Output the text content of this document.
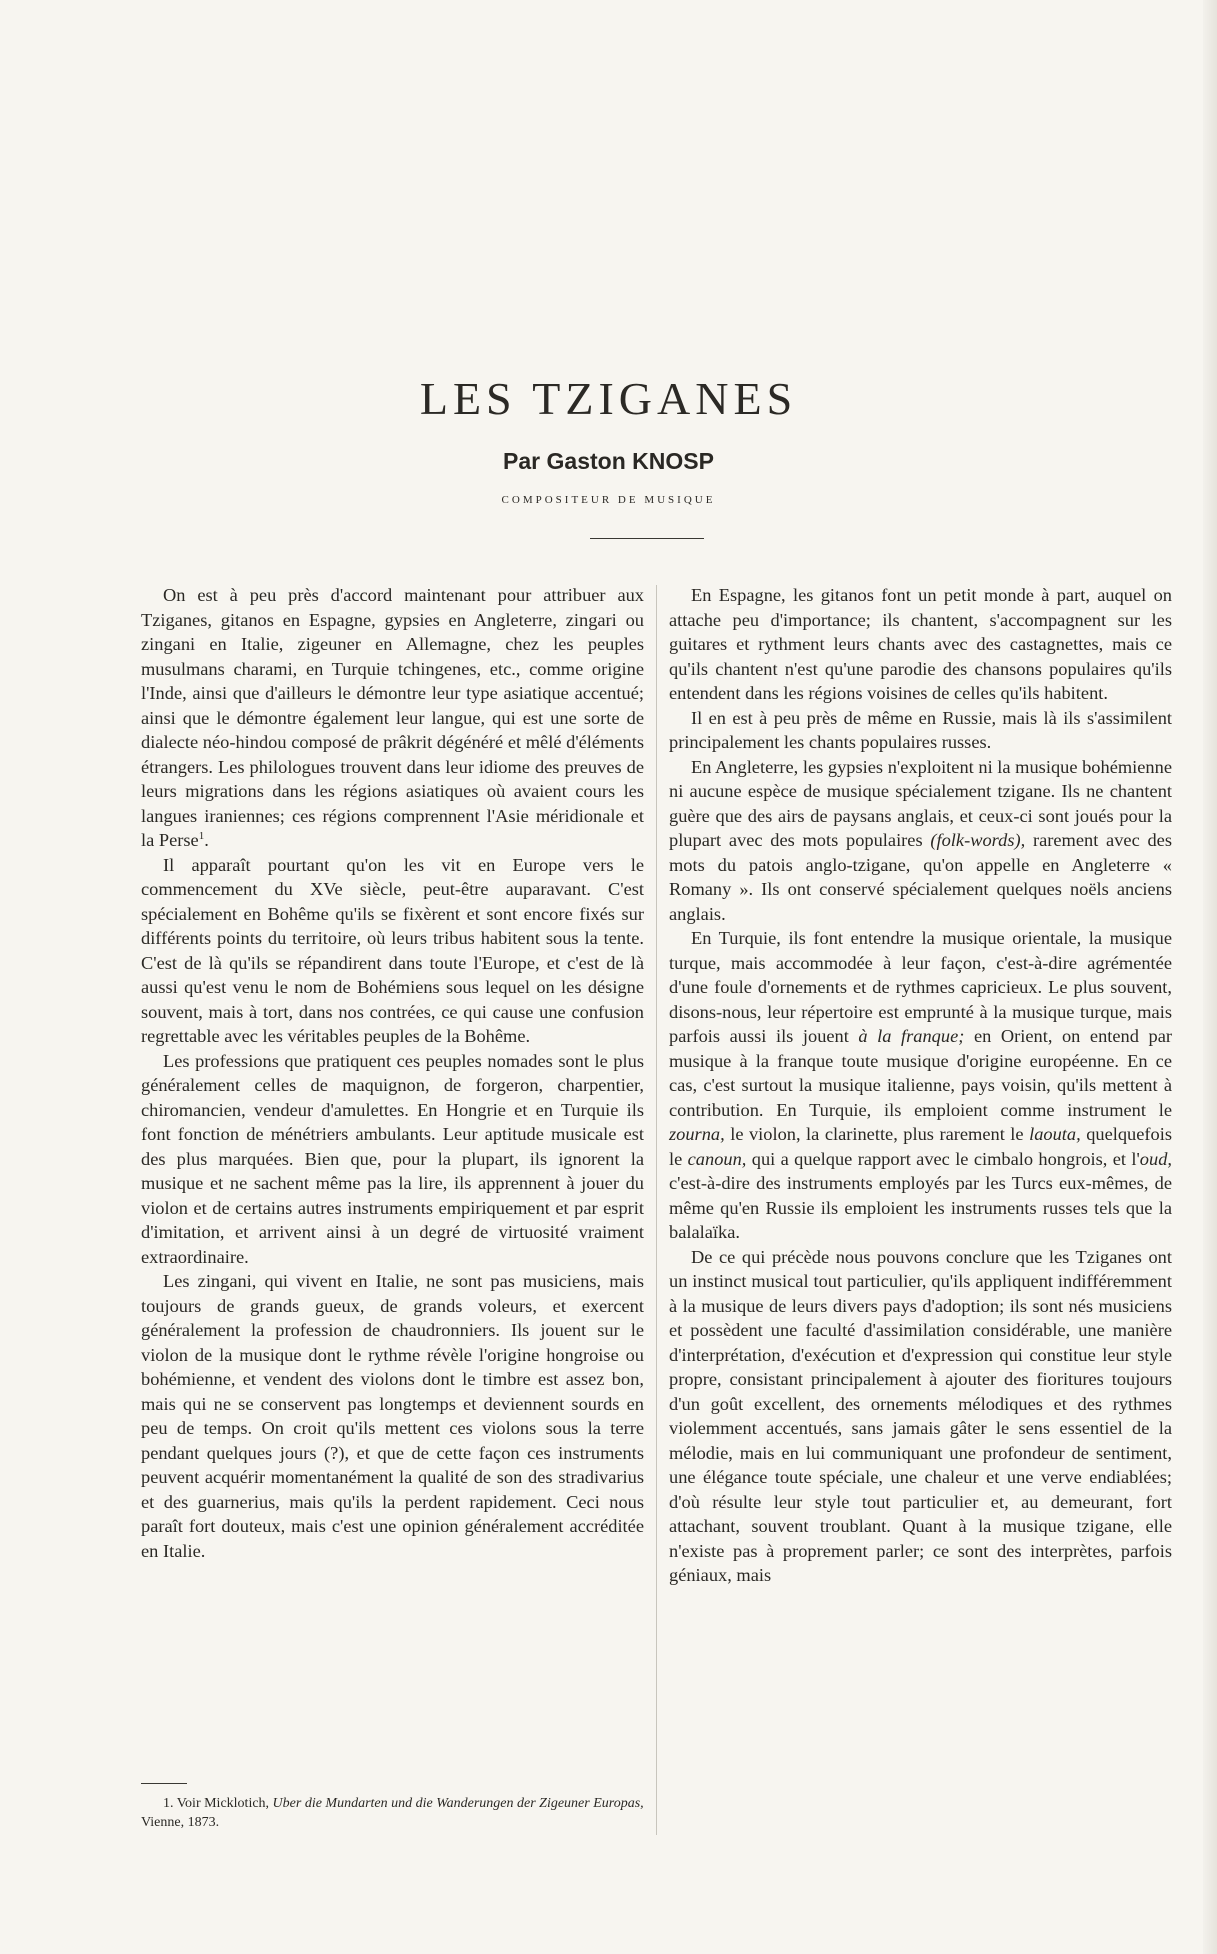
LES TZIGANES

Par Gaston KNOSP

COMPOSITEUR DE MUSIQUE

On est à peu près d'accord maintenant pour attribuer aux Tziganes, gitanos en Espagne, gypsies en Angleterre, zingari ou zingani en Italie, zigeuner en Allemagne, chez les peuples musulmans charami, en Turquie tchingenes, etc., comme origine l'Inde, ainsi que d'ailleurs le démontre leur type asiatique accentué; ainsi que le démontre également leur langue, qui est une sorte de dialecte néo-hindou composé de prâkrit dégénéré et mêlé d'éléments étrangers. Les philologues trouvent dans leur idiome des preuves de leurs migrations dans les régions asiatiques où avaient cours les langues iraniennes; ces régions comprennent l'Asie méridionale et la Perse$^1$.

Il apparaît pourtant qu'on les vit en Europe vers le commencement du XVe siècle, peut-être auparavant. C'est spécialement en Bohême qu'ils se fixèrent et sont encore fixés sur différents points du territoire, où leurs tribus habitent sous la tente. C'est de là qu'ils se répandirent dans toute l'Europe, et c'est de là aussi qu'est venu le nom de Bohémiens sous lequel on les désigne souvent, mais à tort, dans nos contrées, ce qui cause une confusion regrettable avec les véritables peuples de la Bohême.

Les professions que pratiquent ces peuples nomades sont le plus généralement celles de maquignon, de forgeron, charpentier, chiromancien, vendeur d'amulettes. En Hongrie et en Turquie ils font fonction de ménétriers ambulants. Leur aptitude musicale est des plus marquées. Bien que, pour la plupart, ils ignorent la musique et ne sachent même pas la lire, ils apprennent à jouer du violon et de certains autres instruments empiriquement et par esprit d'imitation, et arrivent ainsi à un degré de virtuosité vraiment extraordinaire.

Les zingani, qui vivent en Italie, ne sont pas musiciens, mais toujours de grands gueux, de grands voleurs, et exercent généralement la profession de chaudronniers. Ils jouent sur le violon de la musique dont le rythme révèle l'origine hongroise ou bohémienne, et vendent des violons dont le timbre est assez bon, mais qui ne se conservent pas longtemps et deviennent sourds en peu de temps. On croit qu'ils mettent ces violons sous la terre pendant quelques jours (?), et que de cette façon ces instruments peuvent acquérir momentanément la qualité de son des stradivarius et des guarnerius, mais qu'ils la perdent rapidement. Ceci nous paraît fort douteux, mais c'est une opinion généralement accréditée en Italie.

En Espagne, les gitanos font un petit monde à part, auquel on attache peu d'importance; ils chantent, s'accompagnent sur les guitares et rythment leurs chants avec des castagnettes, mais ce qu'ils chantent n'est qu'une parodie des chansons populaires qu'ils entendent dans les régions voisines de celles qu'ils habitent.

Il en est à peu près de même en Russie, mais là ils s'assimilent principalement les chants populaires russes.

En Angleterre, les gypsies n'exploitent ni la musique bohémienne ni aucune espèce de musique spécialement tzigane. Ils ne chantent guère que des airs de paysans anglais, et ceux-ci sont joués pour la plupart avec des mots populaires (folk-words), rarement avec des mots du patois anglo-tzigane, qu'on appelle en Angleterre « Romany ». Ils ont conservé spécialement quelques noëls anciens anglais.

En Turquie, ils font entendre la musique orientale, la musique turque, mais accommodée à leur façon, c'est-à-dire agrémentée d'une foule d'ornements et de rythmes capricieux. Le plus souvent, disons-nous, leur répertoire est emprunté à la musique turque, mais parfois aussi ils jouent à la franque; en Orient, on entend par musique à la franque toute musique d'origine européenne. En ce cas, c'est surtout la musique italienne, pays voisin, qu'ils mettent à contribution. En Turquie, ils emploient comme instrument le zourna, le violon, la clarinette, plus rarement le laouta, quelquefois le canoun, qui a quelque rapport avec le cimbalo hongrois, et l'oud, c'est-à-dire des instruments employés par les Turcs eux-mêmes, de même qu'en Russie ils emploient les instruments russes tels que la balalaïka.

De ce qui précède nous pouvons conclure que les Tziganes ont un instinct musical tout particulier, qu'ils appliquent indifféremment à la musique de leurs divers pays d'adoption; ils sont nés musiciens et possèdent une faculté d'assimilation considérable, une manière d'interprétation, d'exécution et d'expression qui constitue leur style propre, consistant principalement à ajouter des fioritures toujours d'un goût excellent, des ornements mélodiques et des rythmes violemment accentués, sans jamais gâter le sens essentiel de la mélodie, mais en lui communiquant une profondeur de sentiment, une élégance toute spéciale, une chaleur et une verve endiablées; d'où résulte leur style tout particulier et, au demeurant, fort attachant, souvent troublant. Quant à la musique tzigane, elle n'existe pas à proprement parler; ce sont des interprètes, parfois géniaux, mais

1. Voir Micklotich, Uber die Mundarten und die Wanderungen der Zigeuner Europas, Vienne, 1873.
